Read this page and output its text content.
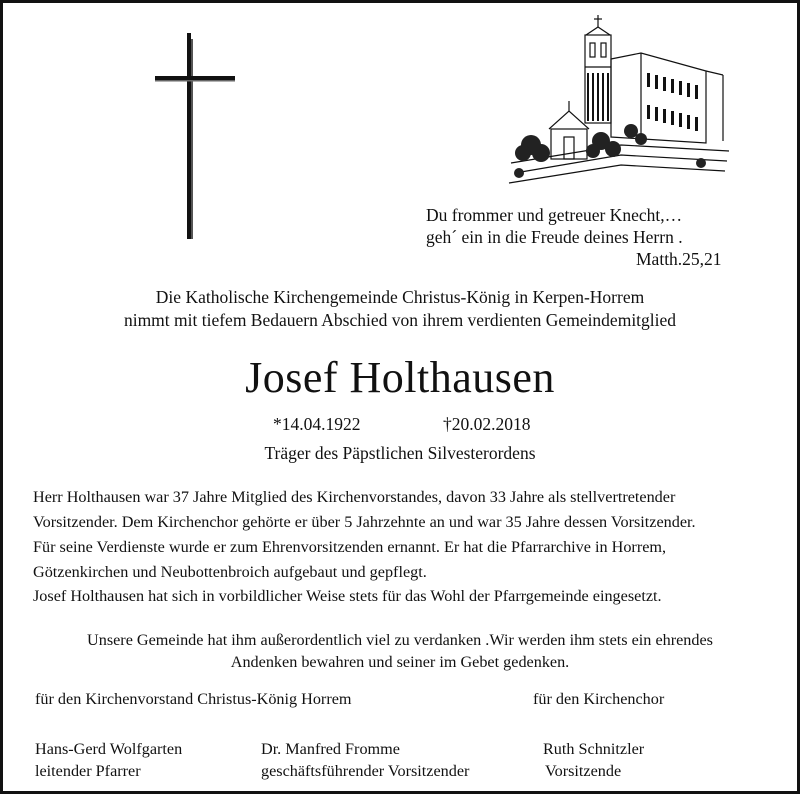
Du frommer und getreuer Knecht,…
geh´ ein in die Freude deines Herrn .
Matth.25,21
Die Katholische Kirchengemeinde Christus-König in Kerpen-Horrem
nimmt mit tiefem Bedauern Abschied von ihrem verdienten Gemeindemitglied
Josef Holthausen
*14.04.1922	†20.02.2018
Träger des Päpstlichen Silvesterordens
Herr Holthausen war 37 Jahre Mitglied des Kirchenvorstandes, davon 33 Jahre als stellvertretender
Vorsitzender. Dem Kirchenchor gehörte er über 5 Jahrzehnte an und war 35 Jahre dessen Vorsitzender.
Für seine Verdienste wurde er zum Ehrenvorsitzenden ernannt. Er hat die Pfarrarchive in Horrem,
Götzenkirchen und Neubottenbroich aufgebaut und gepflegt.
Josef Holthausen hat sich in vorbildlicher Weise stets für das Wohl der Pfarrgemeinde eingesetzt.
Unsere Gemeinde hat ihm außerordentlich viel zu verdanken .Wir werden ihm stets ein ehrendes
Andenken bewahren und seiner im Gebet gedenken.
für den Kirchenvorstand Christus-König Horrem	für den Kirchenchor
Hans-Gerd Wolfgarten
leitender Pfarrer
Dr. Manfred Fromme
geschäftsführender Vorsitzender
Ruth Schnitzler
Vorsitzende
